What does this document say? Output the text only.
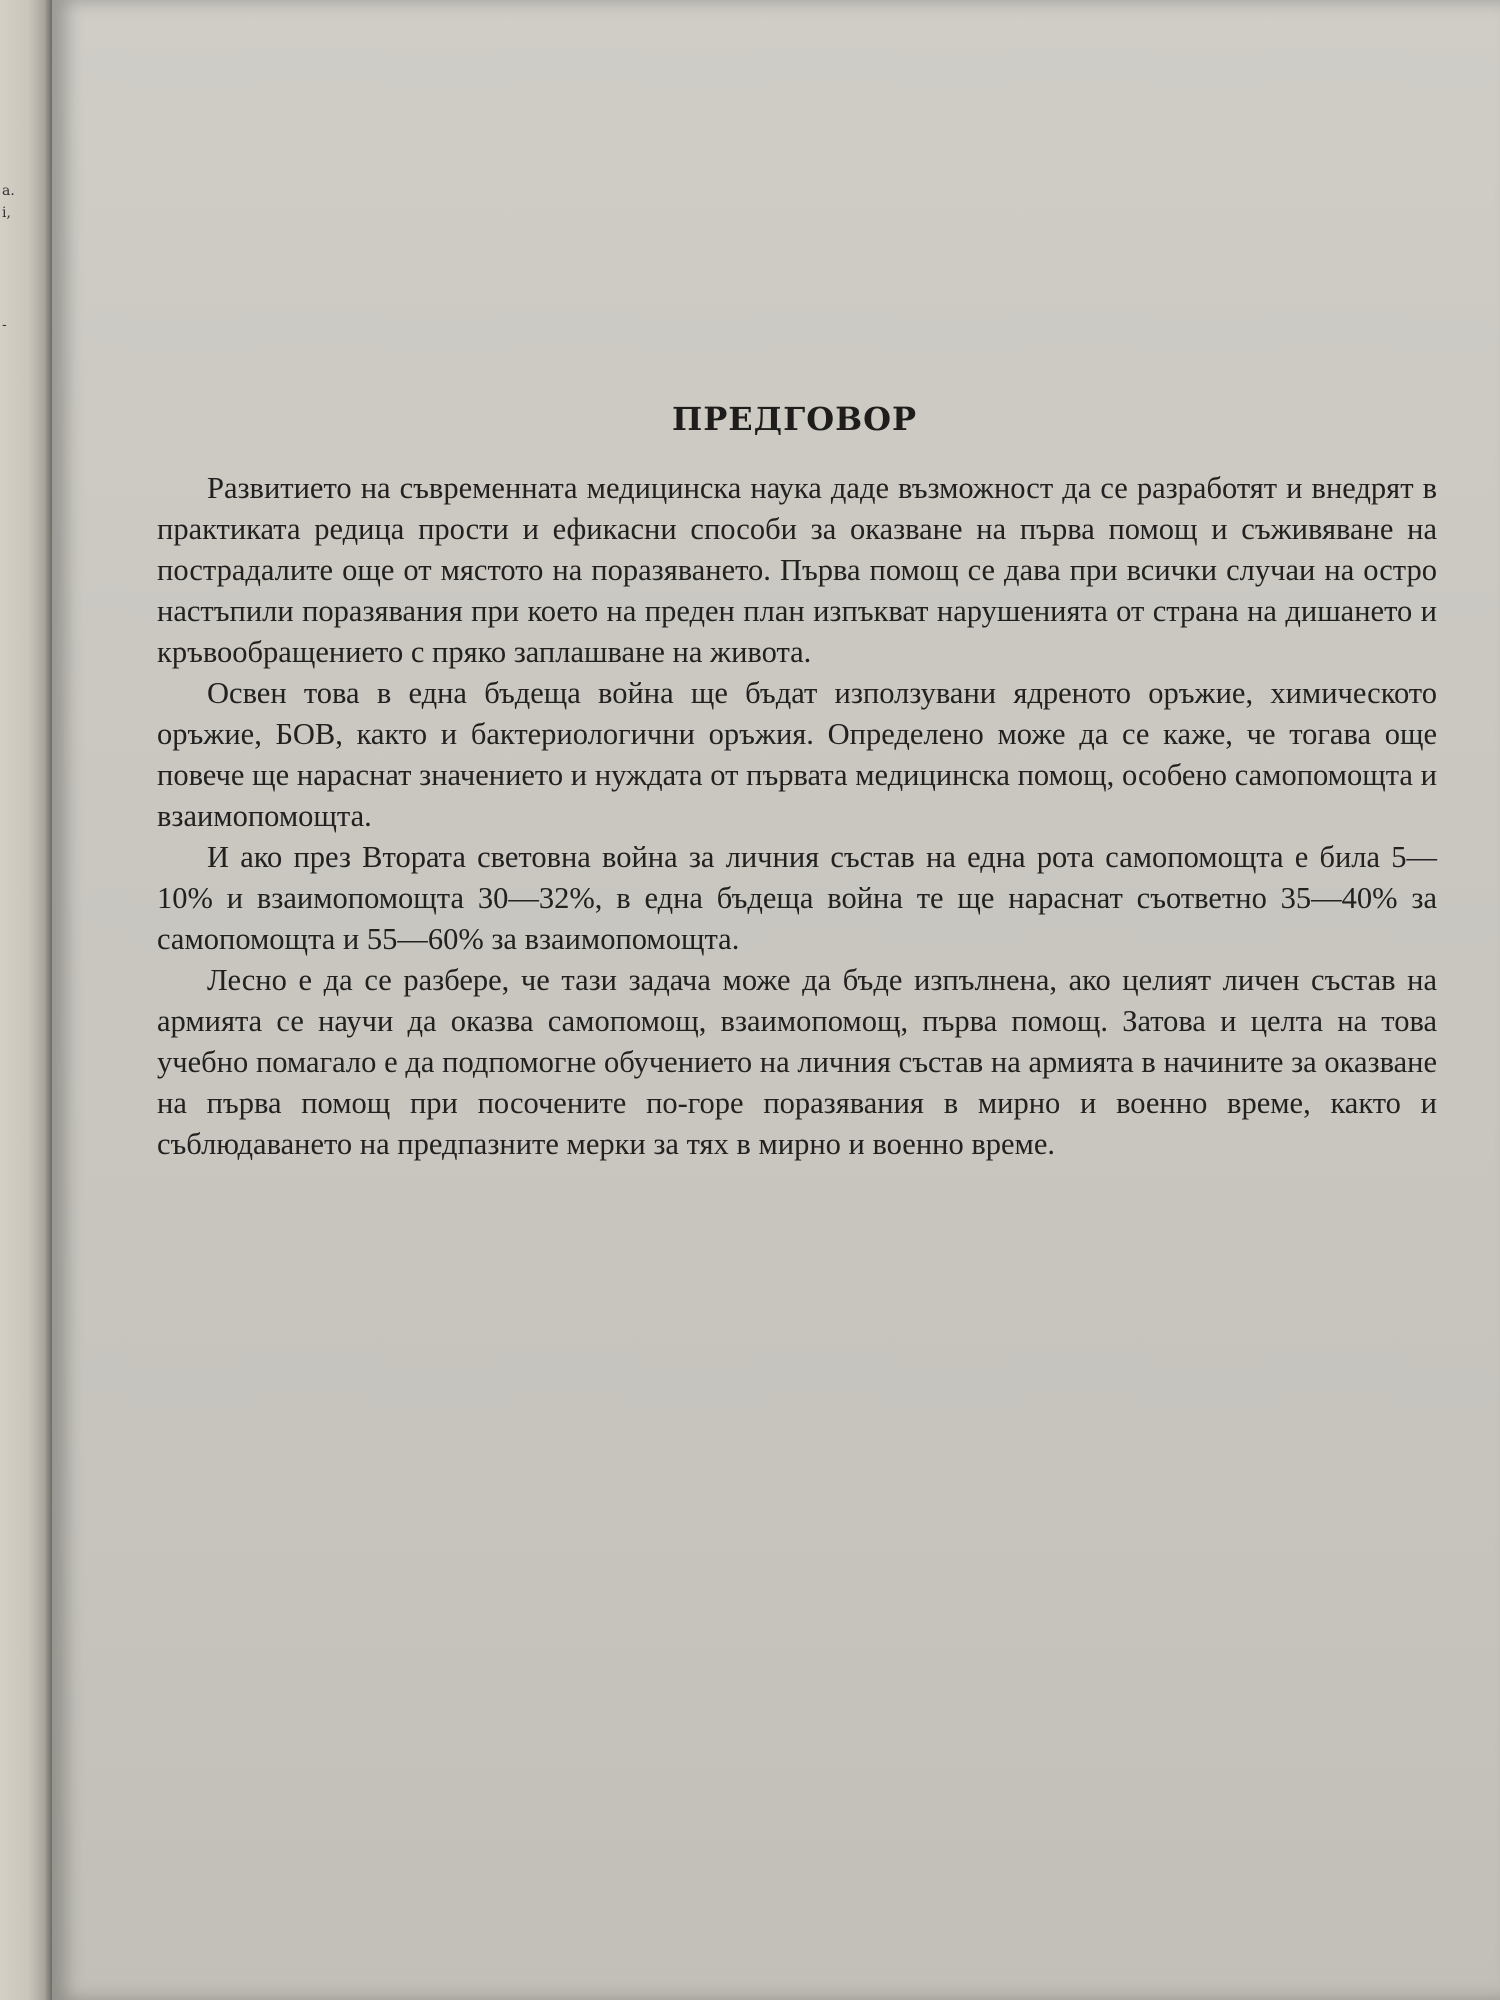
а.
і,
-
ПРЕДГОВОР

Развитието на съвременната медицинска наука даде възможност да се разработят и внедрят в практиката редица прости и ефикасни способи за оказване на първа помощ и съживяване на пострадалите още от мястото на поразяването. Първа помощ се дава при всички случаи на остро настъпили поразявания при което на преден план изпъкват нарушенията от страна на дишането и кръвообращението с пряко заплашване на живота.

Освен това в една бъдеща война ще бъдат използувани ядреното оръжие, химическото оръжие, БОВ, както и бактериологични оръжия. Определено може да се каже, че тогава още повече ще нараснат значението и нуждата от първата медицинска помощ, особено самопомощта и взаимопомощта.

И ако през Втората световна война за личния състав на една рота самопомощта е била 5—10% и взаимопомощта 30—32%, в една бъдеща война те ще нараснат съответно 35—40% за самопомощта и 55—60% за взаимопомощта.

Лесно е да се разбере, че тази задача може да бъде изпълнена, ако целият личен състав на армията се научи да оказва самопомощ, взаимопомощ, първа помощ. Затова и целта на това учебно помагало е да подпомогне обучението на личния състав на армията в начините за оказване на първа помощ при посочените по-горе поразявания в мирно и военно време, както и съблюдаването на предпазните мерки за тях в мирно и военно време.
